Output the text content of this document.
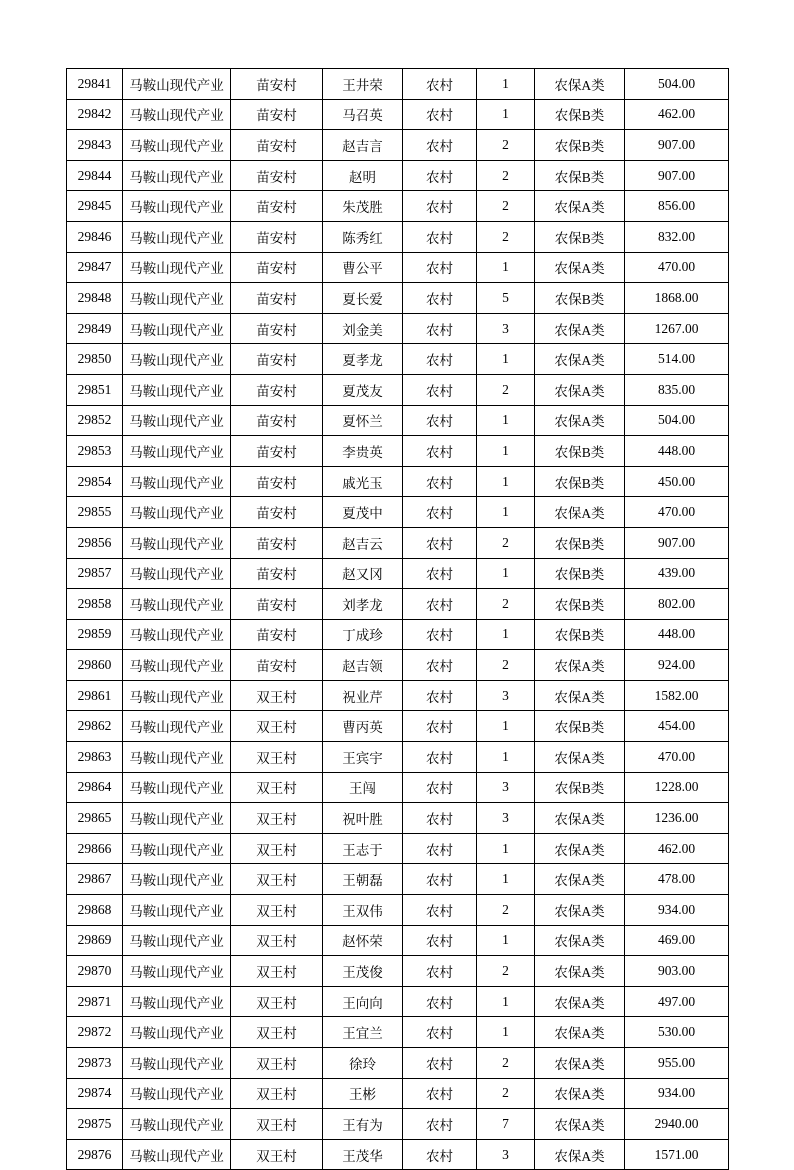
29841	马鞍山现代产业	苗安村	王井荣	农村	1	农保A类	504.00
29842	马鞍山现代产业	苗安村	马召英	农村	1	农保B类	462.00
29843	马鞍山现代产业	苗安村	赵吉言	农村	2	农保B类	907.00
29844	马鞍山现代产业	苗安村	赵明	农村	2	农保B类	907.00
29845	马鞍山现代产业	苗安村	朱茂胜	农村	2	农保A类	856.00
29846	马鞍山现代产业	苗安村	陈秀红	农村	2	农保B类	832.00
29847	马鞍山现代产业	苗安村	曹公平	农村	1	农保A类	470.00
29848	马鞍山现代产业	苗安村	夏长爱	农村	5	农保B类	1868.00
29849	马鞍山现代产业	苗安村	刘金美	农村	3	农保A类	1267.00
29850	马鞍山现代产业	苗安村	夏孝龙	农村	1	农保A类	514.00
29851	马鞍山现代产业	苗安村	夏茂友	农村	2	农保A类	835.00
29852	马鞍山现代产业	苗安村	夏怀兰	农村	1	农保A类	504.00
29853	马鞍山现代产业	苗安村	李贵英	农村	1	农保B类	448.00
29854	马鞍山现代产业	苗安村	戚光玉	农村	1	农保B类	450.00
29855	马鞍山现代产业	苗安村	夏茂中	农村	1	农保A类	470.00
29856	马鞍山现代产业	苗安村	赵吉云	农村	2	农保B类	907.00
29857	马鞍山现代产业	苗安村	赵又冈	农村	1	农保B类	439.00
29858	马鞍山现代产业	苗安村	刘孝龙	农村	2	农保B类	802.00
29859	马鞍山现代产业	苗安村	丁成珍	农村	1	农保B类	448.00
29860	马鞍山现代产业	苗安村	赵吉领	农村	2	农保A类	924.00
29861	马鞍山现代产业	双王村	祝业芹	农村	3	农保A类	1582.00
29862	马鞍山现代产业	双王村	曹丙英	农村	1	农保B类	454.00
29863	马鞍山现代产业	双王村	王宾宇	农村	1	农保A类	470.00
29864	马鞍山现代产业	双王村	王闯	农村	3	农保B类	1228.00
29865	马鞍山现代产业	双王村	祝叶胜	农村	3	农保A类	1236.00
29866	马鞍山现代产业	双王村	王志于	农村	1	农保A类	462.00
29867	马鞍山现代产业	双王村	王朝磊	农村	1	农保A类	478.00
29868	马鞍山现代产业	双王村	王双伟	农村	2	农保A类	934.00
29869	马鞍山现代产业	双王村	赵怀荣	农村	1	农保A类	469.00
29870	马鞍山现代产业	双王村	王茂俊	农村	2	农保A类	903.00
29871	马鞍山现代产业	双王村	王向向	农村	1	农保A类	497.00
29872	马鞍山现代产业	双王村	王宜兰	农村	1	农保A类	530.00
29873	马鞍山现代产业	双王村	徐玲	农村	2	农保A类	955.00
29874	马鞍山现代产业	双王村	王彬	农村	2	农保A类	934.00
29875	马鞍山现代产业	双王村	王有为	农村	7	农保A类	2940.00
29876	马鞍山现代产业	双王村	王茂华	农村	3	农保A类	1571.00
